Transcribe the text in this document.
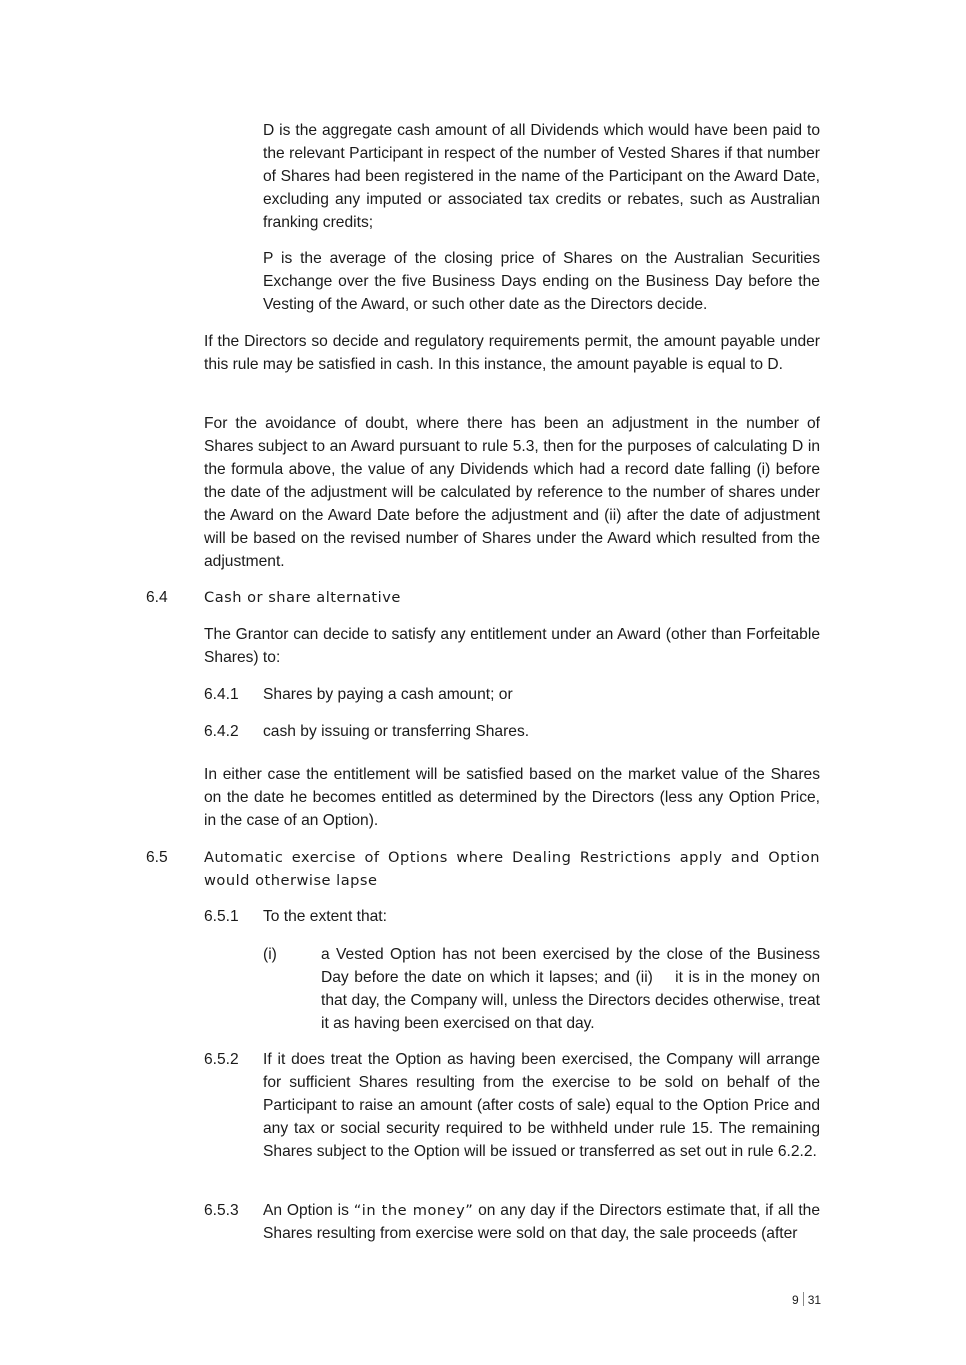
D is the aggregate cash amount of all Dividends which would have been paid to the relevant Participant in respect of the number of Vested Shares if that number of Shares had been registered in the name of the Participant on the Award Date, excluding any imputed or associated tax credits or rebates, such as Australian franking credits;

P is the average of the closing price of Shares on the Australian Securities Exchange over the five Business Days ending on the Business Day before the Vesting of the Award, or such other date as the Directors decide.

If the Directors so decide and regulatory requirements permit, the amount payable under this rule may be satisfied in cash. In this instance, the amount payable is equal to D.

For the avoidance of doubt, where there has been an adjustment in the number of Shares subject to an Award pursuant to rule 5.3, then for the purposes of calculating D in the formula above, the value of any Dividends which had a record date falling (i) before the date of the adjustment will be calculated by reference to the number of shares under the Award on the Award Date before the adjustment and (ii) after the date of adjustment will be based on the revised number of Shares under the Award which resulted from the adjustment.

6.4 Cash or share alternative

The Grantor can decide to satisfy any entitlement under an Award (other than Forfeitable Shares) to:

6.4.1 Shares by paying a cash amount; or

6.4.2 cash by issuing or transferring Shares.

In either case the entitlement will be satisfied based on the market value of the Shares on the date he becomes entitled as determined by the Directors (less any Option Price, in the case of an Option).

6.5 Automatic exercise of Options where Dealing Restrictions apply and Option would otherwise lapse

6.5.1 To the extent that:

(i)	a Vested Option has not been exercised by the close of the Business Day before the date on which it lapses; and (ii)    it is in the money on that day, the Company will, unless the Directors decides otherwise, treat it as having been exercised on that day.

6.5.2 If it does treat the Option as having been exercised, the Company will arrange for sufficient Shares resulting from the exercise to be sold on behalf of the Participant to raise an amount (after costs of sale) equal to the Option Price and any tax or social security required to be withheld under rule 15. The remaining Shares subject to the Option will be issued or transferred as set out in rule 6.2.2.

6.5.3 An Option is “in the money” on any day if the Directors estimate that, if all the Shares resulting from exercise were sold on that day, the sale proceeds (after

9 31
